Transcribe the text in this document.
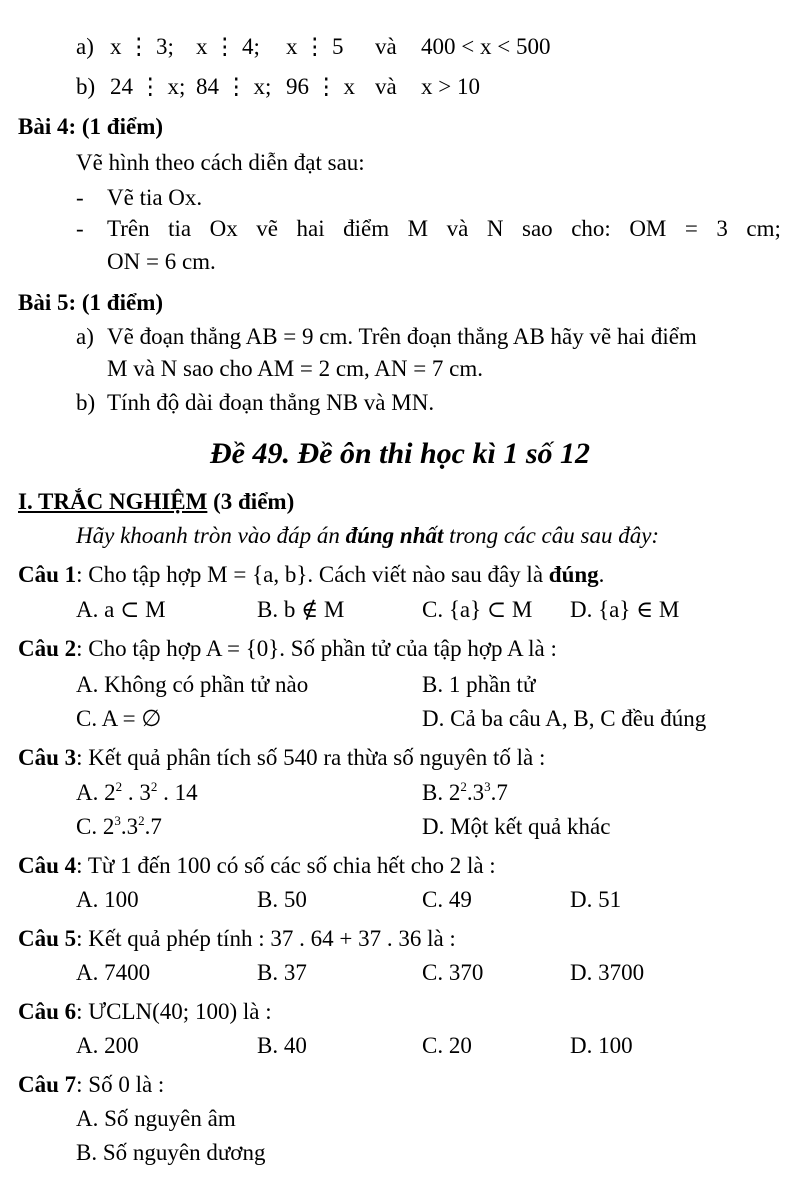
a) x ⋮ 3; x ⋮ 4; x ⋮ 5 và 400 < x < 500
b) 24 ⋮ x; 84 ⋮ x; 96 ⋮ x và x > 10
Bài 4: (1 điểm)
Vẽ hình theo cách diễn đạt sau:
- Vẽ tia Ox.
- Trên tia Ox vẽ hai điểm M và N sao cho: OM = 3 cm;
ON = 6 cm.
Bài 5: (1 điểm)
a) Vẽ đoạn thẳng AB = 9 cm. Trên đoạn thẳng AB hãy vẽ hai điểm
M và N sao cho AM = 2 cm, AN = 7 cm.
b) Tính độ dài đoạn thẳng NB và MN.
Đề 49. Đề ôn thi học kì 1 số 12
I. TRẮC NGHIỆM (3 điểm)
Hãy khoanh tròn vào đáp án đúng nhất trong các câu sau đây:
Câu 1: Cho tập hợp M = {a, b}. Cách viết nào sau đây là đúng.
A. a ⊂ M	B. b ∉ M	C. {a} ⊂ M D. {a} ∈ M
Câu 2: Cho tập hợp A = {0}. Số phần tử của tập hợp A là :
A. Không có phần tử nào	B. 1 phần tử
C. A = ∅	D. Cả ba câu A, B, C đều đúng
Câu 3: Kết quả phân tích số 540 ra thừa số nguyên tố là :
A. $2^2$ . $3^2$ . 14	B. $2^2.3^3.7$
C. $2^3.3^2.7$	D. Một kết quả khác
Câu 4: Từ 1 đến 100 có số các số chia hết cho 2 là :
A. 100	B. 50	C. 49	D. 51
Câu 5: Kết quả phép tính : 37 . 64 + 37 . 36 là :
A. 7400	B. 37	C. 370	D. 3700
Câu 6: ƯCLN(40; 100) là :
A. 200	B. 40	C. 20	D. 100
Câu 7: Số 0 là :
A. Số nguyên âm
B. Số nguyên dương
